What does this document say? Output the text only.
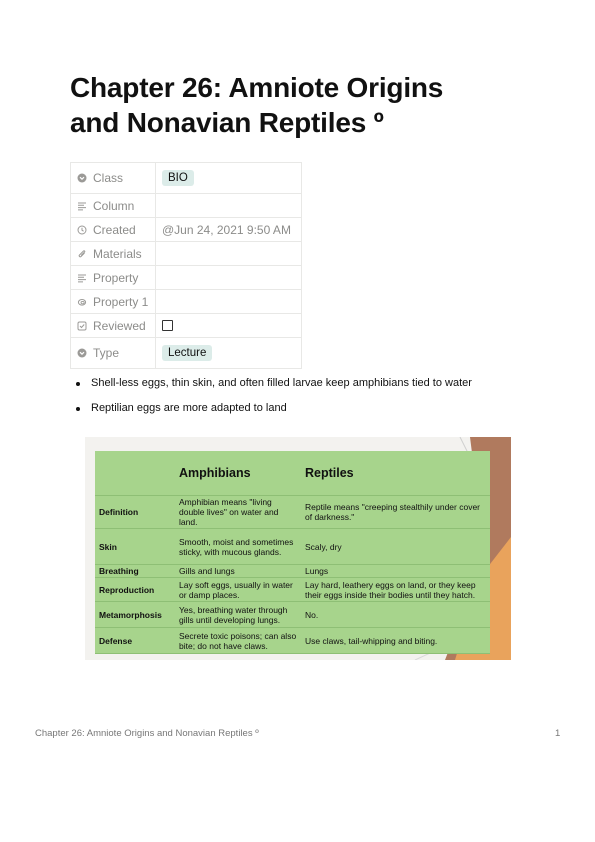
Chapter 26: Amniote Origins
and Nonavian Reptiles º
Class	BIO
Column
Created	@Jun 24, 2021 9:50 AM
Materials
Property
Property 1
Reviewed
Type	Lecture
Shell-less eggs, thin skin, and often filled larvae keep amphibians tied to water
Reptilian eggs are more adapted to land
	Amphibians	Reptiles
Definition	Amphibian means "living double lives" on water and land.	Reptile means "creeping stealthily under cover of darkness."
Skin	Smooth, moist and sometimes sticky, with mucous glands.	Scaly, dry
Breathing	Gills and lungs	Lungs
Reproduction	Lay soft eggs, usually in water or damp places.	Lay hard, leathery eggs on land, or they keep their eggs inside their bodies until they hatch.
Metamorphosis	Yes, breathing water through gills until developing lungs.	No.
Defense	Secrete toxic poisons; can also bite; do not have claws.	Use claws, tail-whipping and biting.
Chapter 26: Amniote Origins and Nonavian Reptiles º	1
